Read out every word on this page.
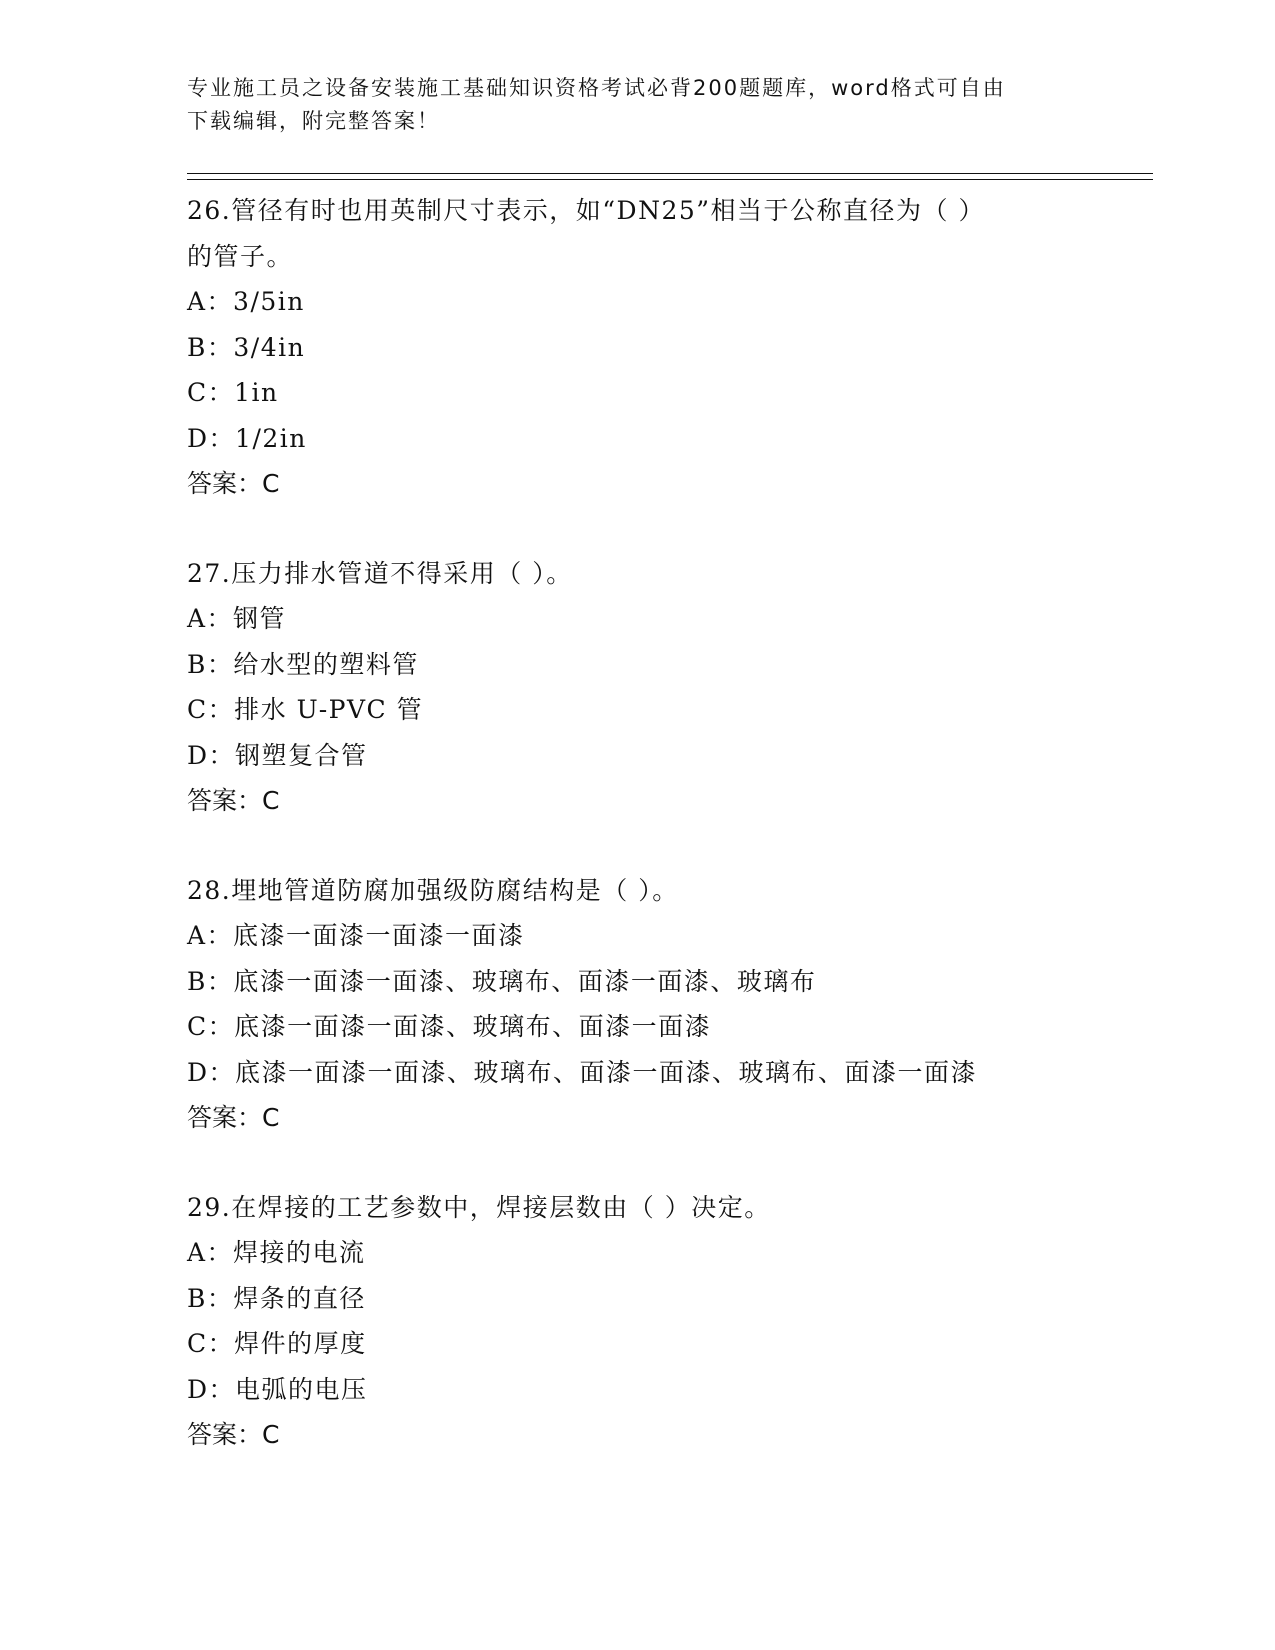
专业施工员之设备安装施工基础知识资格考试必背200题题库，word格式可自由
下载编辑，附完整答案！
26.管径有时也用英制尺寸表示，如“DN25”相当于公称直径为（ ）
的管子。
A：3/5in
B：3/4in
C：1in
D：1/2in
答案：C
27.压力排水管道不得采用（ ）。
A：钢管
B：给水型的塑料管
C：排水 U-PVC 管
D：钢塑复合管
答案：C
28.埋地管道防腐加强级防腐结构是（ ）。
A：底漆一面漆一面漆一面漆
B：底漆一面漆一面漆、玻璃布、面漆一面漆、玻璃布
C：底漆一面漆一面漆、玻璃布、面漆一面漆
D：底漆一面漆一面漆、玻璃布、面漆一面漆、玻璃布、面漆一面漆
答案：C
29.在焊接的工艺参数中，焊接层数由（ ）决定。
A：焊接的电流
B：焊条的直径
C：焊件的厚度
D：电弧的电压
答案：C
